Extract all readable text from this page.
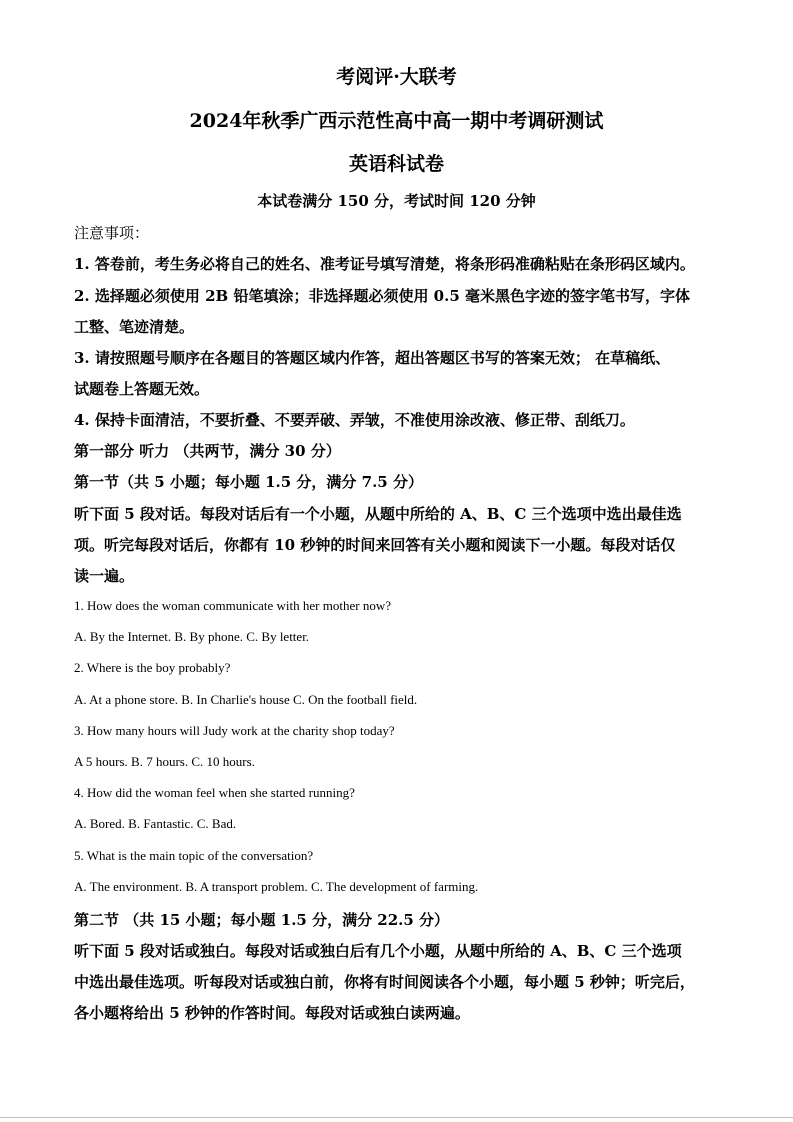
考阅评·大联考
2024年秋季广西示范性高中高一期中考调研测试
英语科试卷
本试卷满分 150 分，考试时间 120 分钟
注意事项：
1. 答卷前，考生务必将自己的姓名、准考证号填写清楚，将条形码准确粘贴在条形码区域内。
2. 选择题必须使用 2B 铅笔填涂；非选择题必须使用 0.5 毫米黑色字迹的签字笔书写，字体
工整、笔迹清楚。
3. 请按照题号顺序在各题目的答题区域内作答，超出答题区书写的答案无效； 在草稿纸、
试题卷上答题无效。
4. 保持卡面清洁，不要折叠、不要弄破、弄皱，不准使用涂改液、修正带、刮纸刀。
第一部分 听力 （共两节，满分 30 分）
第一节（共 5 小题；每小题 1.5 分，满分 7.5 分）
听下面 5 段对话。每段对话后有一个小题，从题中所给的 A、B、C 三个选项中选出最佳选
项。听完每段对话后，你都有 10 秒钟的时间来回答有关小题和阅读下一小题。每段对话仅
读一遍。
1. How does the woman communicate with her mother now?
A. By the Internet. B. By phone. C. By letter.
2. Where is the boy probably?
A. At a phone store. B. In Charlie's house C. On the football field.
3. How many hours will Judy work at the charity shop today?
A 5 hours. B. 7 hours. C. 10 hours.
4. How did the woman feel when she started running?
A. Bored. B. Fantastic. C. Bad.
5. What is the main topic of the conversation?
A. The environment. B. A transport problem. C. The development of farming.
第二节 （共 15 小题；每小题 1.5 分，满分 22.5 分）
听下面 5 段对话或独白。每段对话或独白后有几个小题，从题中所给的 A、B、C 三个选项
中选出最佳选项。听每段对话或独白前，你将有时间阅读各个小题，每小题 5 秒钟；听完后，
各小题将给出 5 秒钟的作答时间。每段对话或独白读两遍。
